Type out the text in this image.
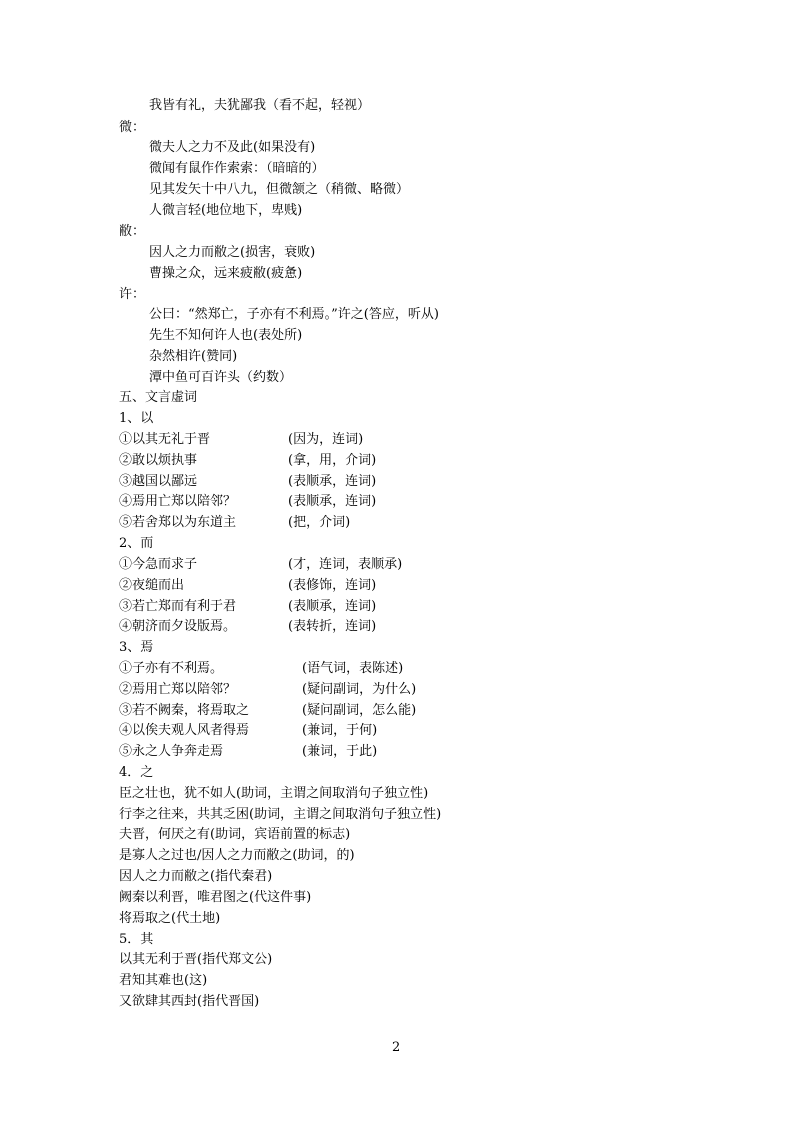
我皆有礼，夫犹鄙我（看不起，轻视）
微：
微夫人之力不及此(如果没有)
微闻有鼠作作索索：（暗暗的）
见其发矢十中八九，但微颔之（稍微、略微）
人微言轻(地位地下，卑贱)
敝：
因人之力而敝之(损害，衰败)
曹操之众，远来疲敝(疲惫)
许：
公曰：“然郑亡，子亦有不利焉。”许之(答应，听从)
先生不知何许人也(表处所)
杂然相许(赞同)
潭中鱼可百许头（约数）
五、文言虚词
1、以
①以其无礼于晋	(因为，连词)
②敢以烦执事	(拿，用，介词)
③越国以鄙远	(表顺承，连词)
④焉用亡郑以陪邻？	(表顺承，连词)
⑤若舍郑以为东道主	(把，介词)
2、而
①今急而求子	(才，连词，表顺承)
②夜缒而出	(表修饰，连词)
③若亡郑而有利于君	(表顺承，连词)
④朝济而夕设版焉。	(表转折，连词)
3、焉
①子亦有不利焉。	(语气词，表陈述)
②焉用亡郑以陪邻？	(疑问副词，为什么)
③若不阙秦，将焉取之	(疑问副词，怎么能)
④以俟夫观人风者得焉	(兼词，于何)
⑤永之人争奔走焉	(兼词，于此)
4．之
臣之壮也，犹不如人(助词，主谓之间取消句子独立性)
行李之往来，共其乏困(助词，主谓之间取消句子独立性)
夫晋，何厌之有(助词，宾语前置的标志)
是寡人之过也/因人之力而敝之(助词，的)
因人之力而敝之(指代秦君)
阙秦以利晋，唯君图之(代这件事)
将焉取之(代土地)
5．其
以其无利于晋(指代郑文公)
君知其难也(这)
又欲肆其西封(指代晋国)
2
